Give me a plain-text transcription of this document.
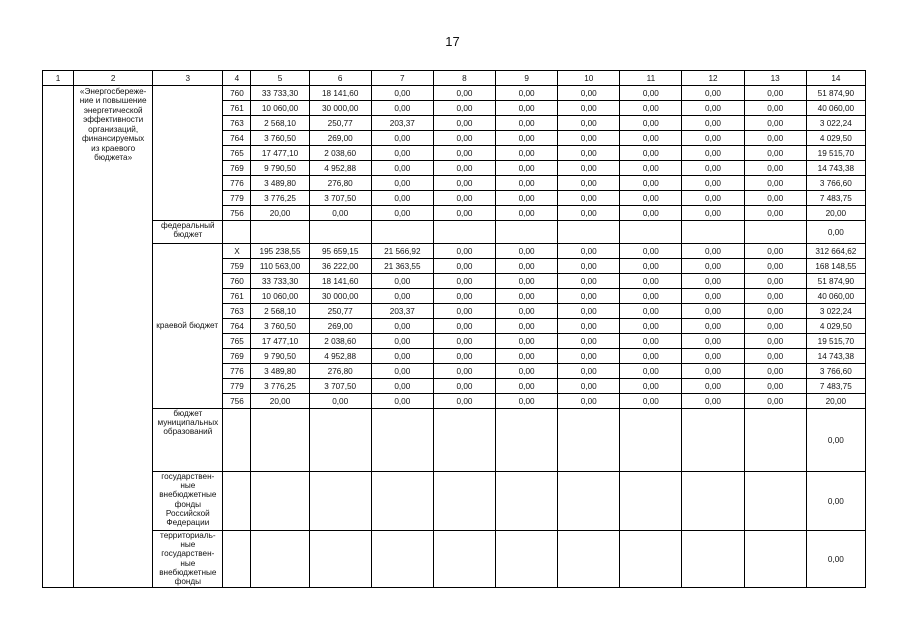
17
1	2	3	4	5	6	7	8	9	10	11	12	13	14
	«Энергосбереже-ние и повышение энергетической эффективности организаций, финансируемых из краевого бюджета»		760	33 733,30	18 141,60	0,00	0,00	0,00	0,00	0,00	0,00	0,00	51 874,90
			761	10 060,00	30 000,00	0,00	0,00	0,00	0,00	0,00	0,00	0,00	40 060,00
			763	2 568,10	250,77	203,37	0,00	0,00	0,00	0,00	0,00	0,00	3 022,24
			764	3 760,50	269,00	0,00	0,00	0,00	0,00	0,00	0,00	0,00	4 029,50
			765	17 477,10	2 038,60	0,00	0,00	0,00	0,00	0,00	0,00	0,00	19 515,70
			769	9 790,50	4 952,88	0,00	0,00	0,00	0,00	0,00	0,00	0,00	14 743,38
			776	3 489,80	276,80	0,00	0,00	0,00	0,00	0,00	0,00	0,00	3 766,60
			779	3 776,25	3 707,50	0,00	0,00	0,00	0,00	0,00	0,00	0,00	7 483,75
			756	20,00	0,00	0,00	0,00	0,00	0,00	0,00	0,00	0,00	20,00
		федеральный бюджет											0,00
		краевой бюджет	X	195 238,55	95 659,15	21 566,92	0,00	0,00	0,00	0,00	0,00	0,00	312 664,62
			759	110 563,00	36 222,00	21 363,55	0,00	0,00	0,00	0,00	0,00	0,00	168 148,55
			760	33 733,30	18 141,60	0,00	0,00	0,00	0,00	0,00	0,00	0,00	51 874,90
			761	10 060,00	30 000,00	0,00	0,00	0,00	0,00	0,00	0,00	0,00	40 060,00
			763	2 568,10	250,77	203,37	0,00	0,00	0,00	0,00	0,00	0,00	3 022,24
			764	3 760,50	269,00	0,00	0,00	0,00	0,00	0,00	0,00	0,00	4 029,50
			765	17 477,10	2 038,60	0,00	0,00	0,00	0,00	0,00	0,00	0,00	19 515,70
			769	9 790,50	4 952,88	0,00	0,00	0,00	0,00	0,00	0,00	0,00	14 743,38
			776	3 489,80	276,80	0,00	0,00	0,00	0,00	0,00	0,00	0,00	3 766,60
			779	3 776,25	3 707,50	0,00	0,00	0,00	0,00	0,00	0,00	0,00	7 483,75
			756	20,00	0,00	0,00	0,00	0,00	0,00	0,00	0,00	0,00	20,00
		бюджет муниципальных образований											0,00
		государствен-ные внебюджетные фонды Российской Федерации											0,00
		территориаль-ные государствен-ные внебюджетные фонды											0,00
